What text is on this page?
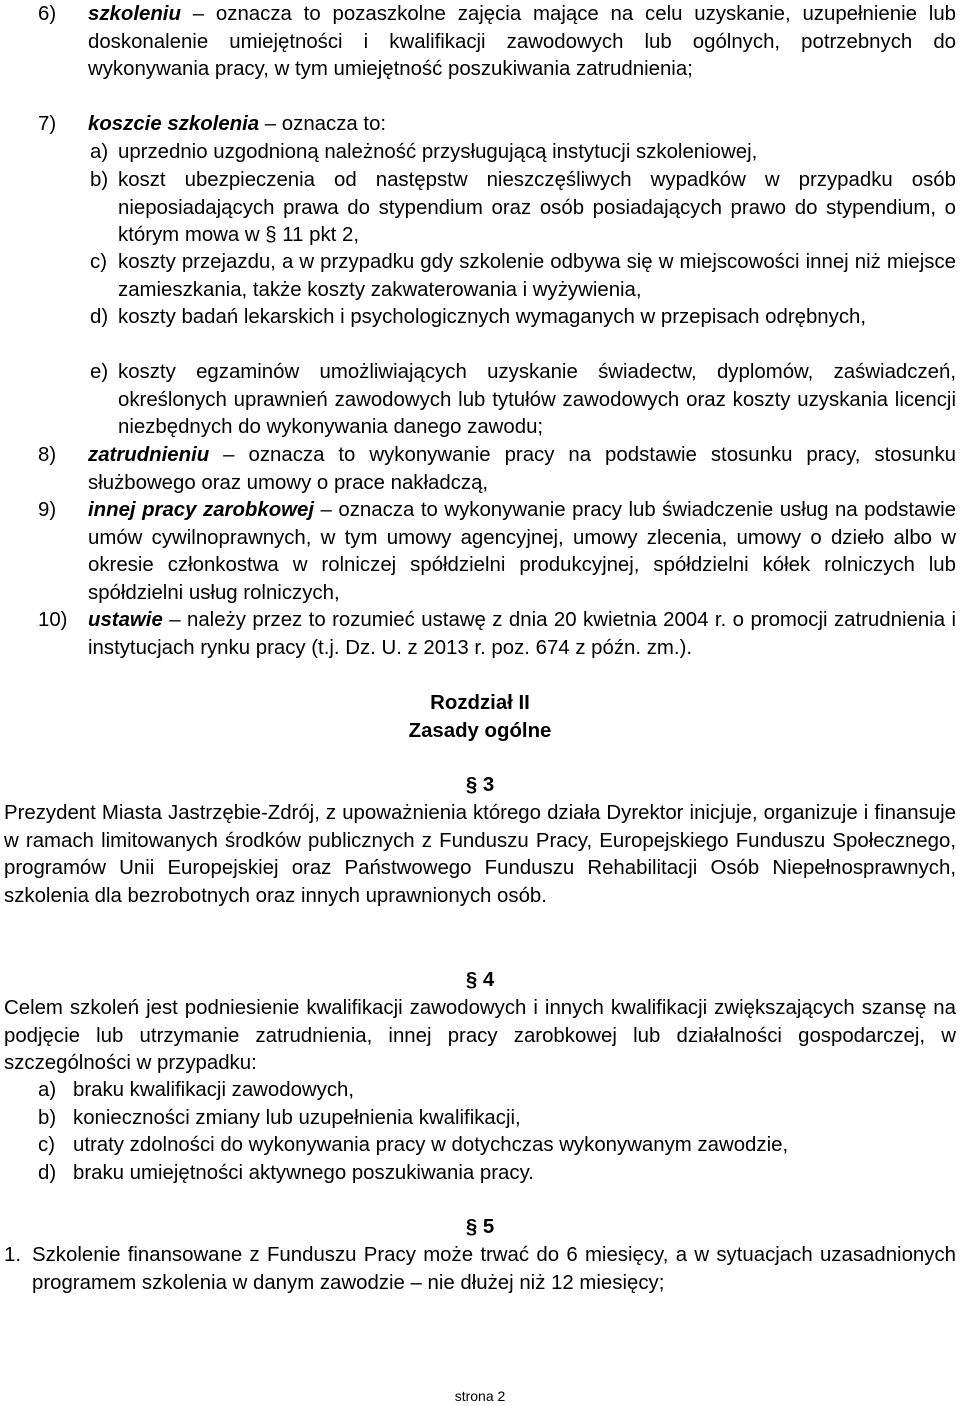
6) szkoleniu – oznacza to pozaszkolne zajęcia mające na celu uzyskanie, uzupełnienie lub doskonalenie umiejętności i kwalifikacji zawodowych lub ogólnych, potrzebnych do wykonywania pracy, w tym umiejętność poszukiwania zatrudnienia;
7) koszcie szkolenia – oznacza to:
a) uprzednio uzgodnioną należność przysługującą instytucji szkoleniowej,
b) koszt ubezpieczenia od następstw nieszczęśliwych wypadków w przypadku osób nieposiadających prawa do stypendium oraz osób posiadających prawo do stypendium, o którym mowa w § 11 pkt 2,
c) koszty przejazdu, a w przypadku gdy szkolenie odbywa się w miejscowości innej niż miejsce zamieszkania, także koszty zakwaterowania i wyżywienia,
d) koszty badań lekarskich i psychologicznych wymaganych w przepisach odrębnych,
e) koszty egzaminów umożliwiających uzyskanie świadectw, dyplomów, zaświadczeń, określonych uprawnień zawodowych lub tytułów zawodowych oraz koszty uzyskania licencji niezbędnych do wykonywania danego zawodu;
8) zatrudnieniu – oznacza to wykonywanie pracy na podstawie stosunku pracy, stosunku służbowego oraz umowy o prace nakładczą,
9) innej pracy zarobkowej – oznacza to wykonywanie pracy lub świadczenie usług na podstawie umów cywilnoprawnych, w tym umowy agencyjnej, umowy zlecenia, umowy o dzieło albo w okresie członkostwa w rolniczej spółdzielni produkcyjnej, spółdzielni kółek rolniczych lub spółdzielni usług rolniczych,
10) ustawie – należy przez to rozumieć ustawę z dnia 20 kwietnia 2004 r. o promocji zatrudnienia i instytucjach rynku pracy (t.j. Dz. U. z 2013 r. poz. 674 z późn. zm.).
Rozdział II
Zasady ogólne
§ 3
Prezydent Miasta Jastrzębie-Zdrój, z upoważnienia którego działa Dyrektor inicjuje, organizuje i finansuje w ramach limitowanych środków publicznych z Funduszu Pracy, Europejskiego Funduszu Społecznego, programów Unii Europejskiej oraz Państwowego Funduszu Rehabilitacji Osób Niepełnosprawnych, szkolenia dla bezrobotnych oraz innych uprawnionych osób.
§ 4
Celem szkoleń jest podniesienie kwalifikacji zawodowych i innych kwalifikacji zwiększających szansę na podjęcie lub utrzymanie zatrudnienia, innej pracy zarobkowej lub działalności gospodarczej, w szczególności w przypadku:
a) braku kwalifikacji zawodowych,
b) konieczności zmiany lub uzupełnienia kwalifikacji,
c) utraty zdolności do wykonywania pracy w dotychczas wykonywanym zawodzie,
d) braku umiejętności aktywnego poszukiwania pracy.
§ 5
1. Szkolenie finansowane z Funduszu Pracy może trwać do 6 miesięcy, a w sytuacjach uzasadnionych programem szkolenia w danym zawodzie – nie dłużej niż 12 miesięcy;
strona 2
